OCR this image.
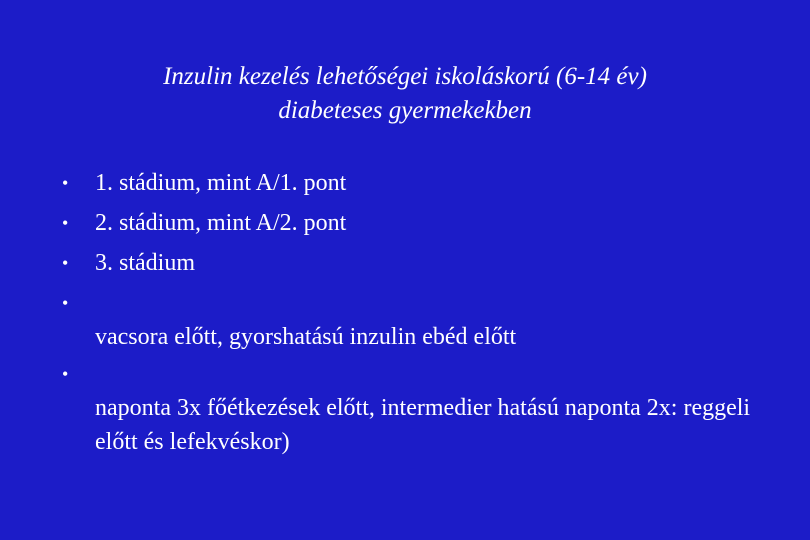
Inzulin kezelés lehetőségei iskoláskorú (6-14 év)
diabeteses gyermekekben
• 1. stádium, mint A/1. pont
• 2. stádium, mint A/2. pont
• 3. stádium
•
vacsora előtt, gyorshatású inzulin ebéd előtt
•
naponta 3x főétkezések előtt, intermedier hatású naponta 2x: reggeli előtt és lefekvéskor)
